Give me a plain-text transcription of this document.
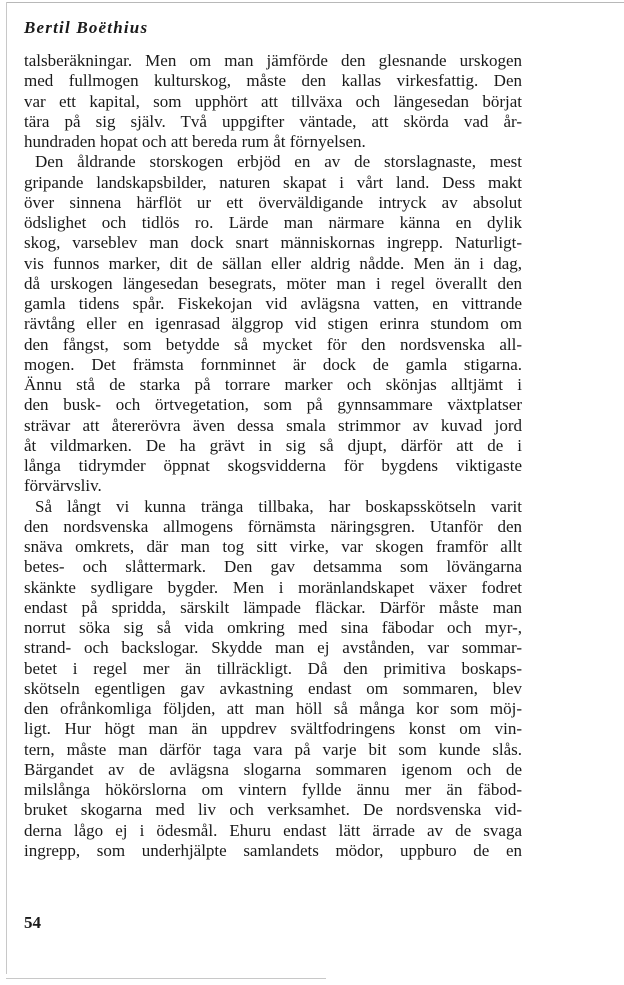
Bertil Boëthius
talsberäkningar. Men om man jämförde den glesnande urskogen
med fullmogen kulturskog, måste den kallas virkesfattig. Den
var ett kapital, som upphört att tillväxa och längesedan börjat
tära på sig själv. Två uppgifter väntade, att skörda vad år-
hundraden hopat och att bereda rum åt förnyelsen.
Den åldrande storskogen erbjöd en av de storslagnaste, mest
gripande landskapsbilder, naturen skapat i vårt land. Dess makt
över sinnena härflöt ur ett överväldigande intryck av absolut
ödslighet och tidlös ro. Lärde man närmare känna en dylik
skog, varseblev man dock snart människornas ingrepp. Naturligt-
vis funnos marker, dit de sällan eller aldrig nådde. Men än i dag,
då urskogen längesedan besegrats, möter man i regel överallt den
gamla tidens spår. Fiskekojan vid avlägsna vatten, en vittrande
rävtång eller en igenrasad älggrop vid stigen erinra stundom om
den fångst, som betydde så mycket för den nordsvenska all-
mogen. Det främsta fornminnet är dock de gamla stigarna.
Ännu stå de starka på torrare marker och skönjas alltjämt i
den busk- och örtvegetation, som på gynnsammare växtplatser
strävar att återerövra även dessa smala strimmor av kuvad jord
åt vildmarken. De ha grävt in sig så djupt, därför att de i
långa tidrymder öppnat skogsvidderna för bygdens viktigaste
förvärvsliv.
Så långt vi kunna tränga tillbaka, har boskapsskötseln varit
den nordsvenska allmogens förnämsta näringsgren. Utanför den
snäva omkrets, där man tog sitt virke, var skogen framför allt
betes- och slåttermark. Den gav detsamma som lövängarna
skänkte sydligare bygder. Men i moränlandskapet växer fodret
endast på spridda, särskilt lämpade fläckar. Därför måste man
norrut söka sig så vida omkring med sina fäbodar och myr-,
strand- och backslogar. Skydde man ej avstånden, var sommar-
betet i regel mer än tillräckligt. Då den primitiva boskaps-
skötseln egentligen gav avkastning endast om sommaren, blev
den ofrånkomliga följden, att man höll så många kor som möj-
ligt. Hur högt man än uppdrev svältfodringens konst om vin-
tern, måste man därför taga vara på varje bit som kunde slås.
Bärgandet av de avlägsna slogarna sommaren igenom och de
milslånga hökörslorna om vintern fyllde ännu mer än fäbod-
bruket skogarna med liv och verksamhet. De nordsvenska vid-
derna lågo ej i ödesmål. Ehuru endast lätt ärrade av de svaga
ingrepp, som underhjälpte samlandets mödor, uppburo de en
54
